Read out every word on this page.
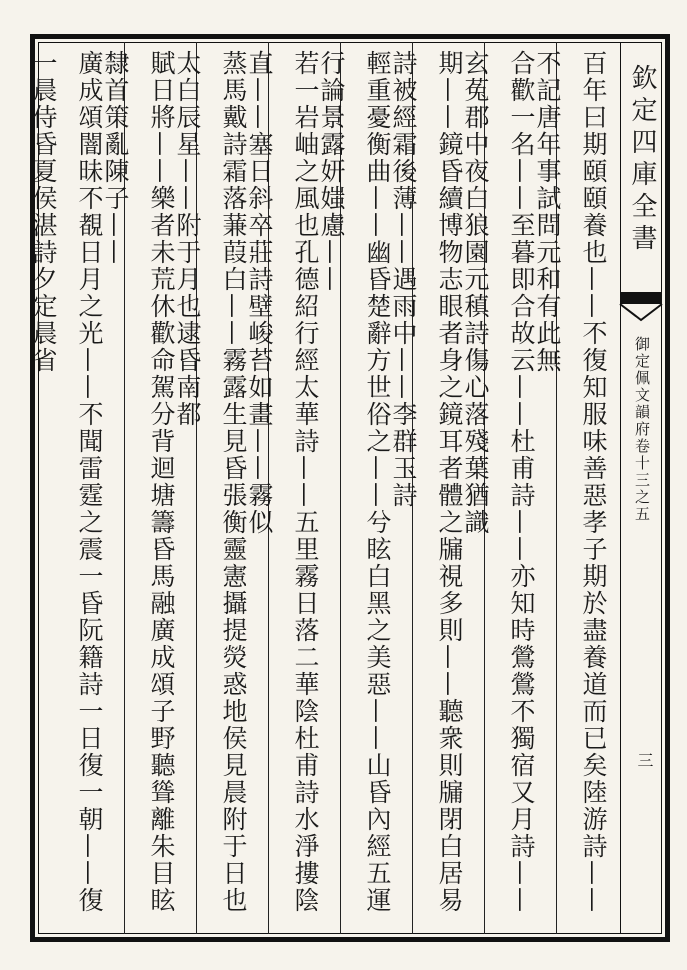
欽定四庫全書
御定佩文韻府卷十三之五
三
百年曰期頤頤養也——不復知服味善惡孝子期於盡養道而已矣陸游詩——不記唐年事試問元和有此無
合歡一名——至暮即合故云——杜甫詩——亦知時鶯鶯不獨宿又月詩——玄菟郡中夜白狼園元稹詩傷心落殘葉猶識
期——鏡昏續博物志眼者身之鏡耳者體之牖視多則——聽衆則牖閉白居易詩被經霜後薄——遇雨中——李群玉詩
輕重憂衡曲——幽昏楚辭方世俗之——兮眩白黑之美惡——山昏內經五運行論景露妍媸慮——
若一岩岫之風也孔德紹行經太華詩——五里霧日落二華陰杜甫詩水淨摟陰直——塞日斜卒莊詩壁峻苔如畫——霧似
蒸馬戴詩霜落蒹葭白——霧露生見昏張衡靈憲攝提熒惑地侯見晨附于日也太白辰星——附于月也逮昏南都
賦日將——樂者未荒休歡命駕分背迴塘籌昏馬融廣成頌子野聽聳離朱目眩隸首策亂陳子——
廣成頌闇昧不覩日月之光——不聞雷霆之震一昏阮籍詩一日復一朝——復一晨侍昏夏侯湛詩夕定晨省
